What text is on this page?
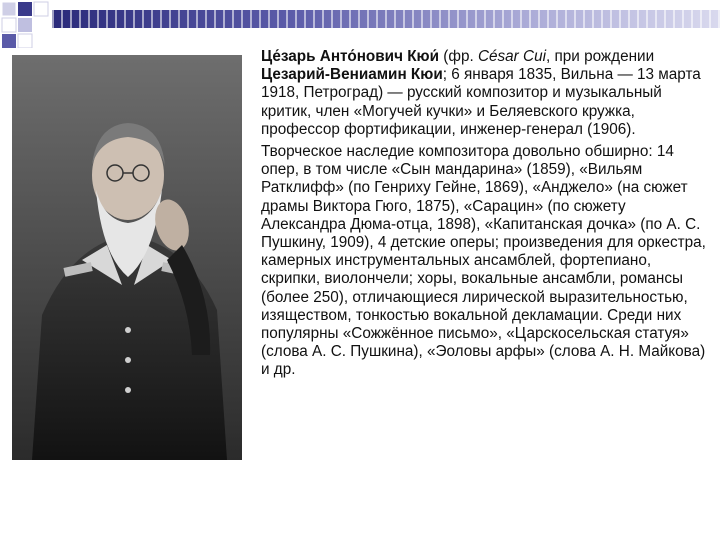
Це́зарь Анто́нович Кюи́ (фр. César Cui, при рождении Цезарий-Вениамин Кюи; 6 января 1835, Вильна — 13 марта 1918, Петроград) — русский композитор и музыкальный критик, член «Могучей кучки» и Беляевского кружка, профессор фортификации, инженер-генерал (1906).

Творческое наследие композитора довольно обширно: 14 опер, в том числе «Сын мандарина» (1859), «Вильям Ратклифф» (по Генриху Гейне, 1869), «Анджело» (на сюжет драмы Виктора Гюго, 1875), «Сарацин» (по сюжету Александра Дюма-отца, 1898), «Капитанская дочка» (по А. С. Пушкину, 1909), 4 детские оперы; произведения для оркестра, камерных инструментальных ансамблей, фортепиано, скрипки, виолончели; хоры, вокальные ансамбли, романсы (более 250), отличающиеся лирической выразительностью, изяществом, тонкостью вокальной декламации. Среди них популярны «Сожжённое письмо», «Царскосельская статуя» (слова А. С. Пушкина), «Эоловы арфы» (слова А. Н. Майкова) и др.
